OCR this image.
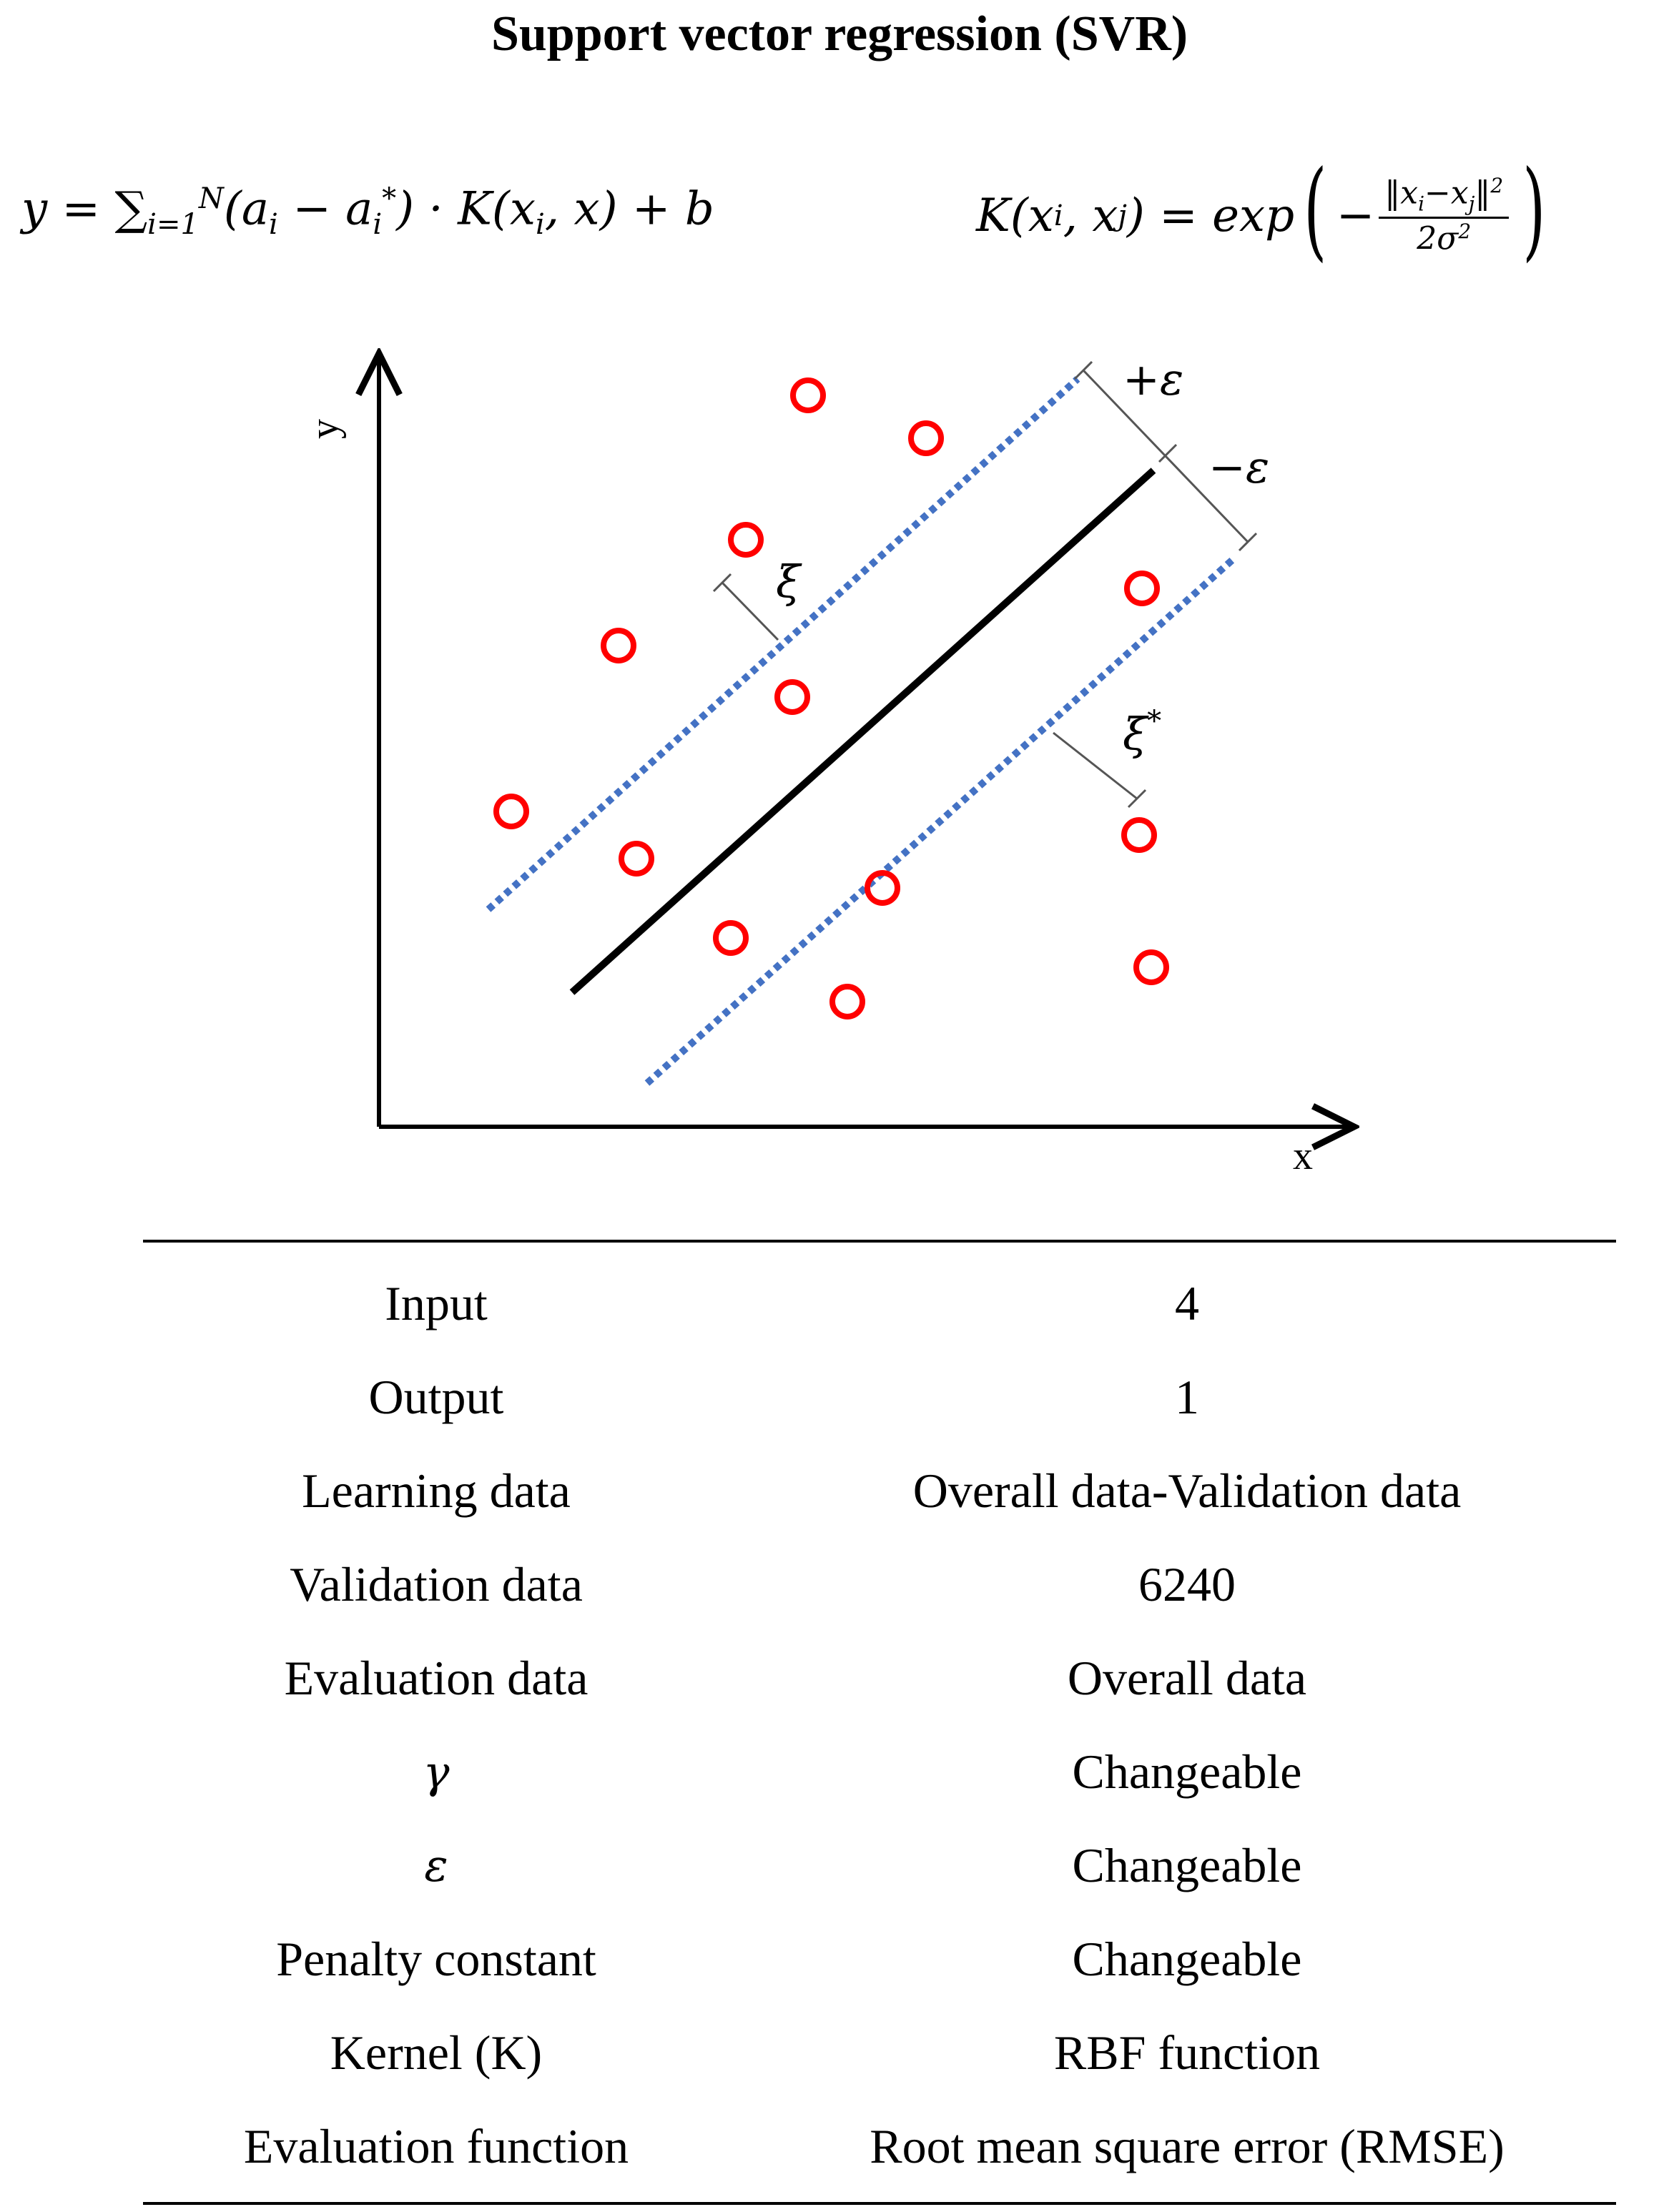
Support vector regression (SVR)
$y = \sum_{i=1}^N(a_i - a_i^*) \cdot K(x_i$, x) + b	K(x i , x j ) = exp ( − $\frac{‖x_i-x_j‖^2}{2\sigma^2}$ )
y
x
+ε
−ε
ξ
ξ*
Input	4
Output	1
Learning data	Overall data-Validation data
Validation data	6240
Evaluation data	Overall data
γ	Changeable
ε	Changeable
Penalty constant	Changeable
Kernel (K)	RBF function
Evaluation function	Root mean square error (RMSE)
